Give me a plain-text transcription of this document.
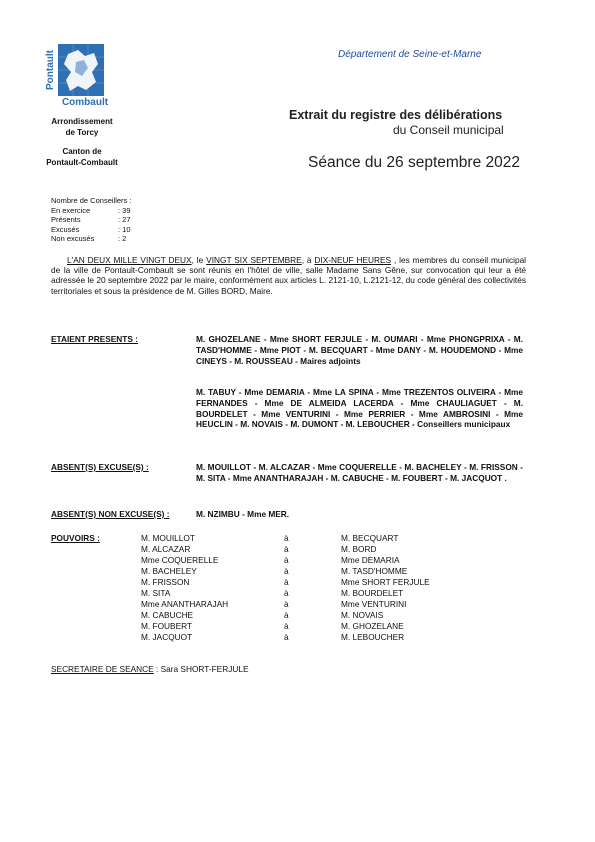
Pontault
Combault
Arrondissement
de Torcy
Canton de
Pontault-Combault
Département de Seine-et-Marne
Extrait du registre des délibérations
du Conseil municipal
Séance du 26 septembre 2022
Nombre de Conseillers :
En exercice	: 39
Présents	: 27
Excusés	: 10
Non excusés	: 2
L'AN DEUX MILLE VINGT DEUX, le VINGT SIX SEPTEMBRE, à DIX-NEUF HEURES , les membres du conseil municipal de la ville de Pontault-Combault se sont réunis en l'hôtel de ville, salle Madame Sans Gêne, sur convocation qui leur a été adressée le 20 septembre 2022 par le maire, conformément aux articles L. 2121-10, L.2121-12, du code général des collectivités territoriales et sous la présidence de M. Gilles BORD, Maire.
ETAIENT PRESENTS :	M. GHOZELANE - Mme SHORT FERJULE - M. OUMARI - Mme PHONGPRIXA - M. TASD'HOMME - Mme PIOT - M. BECQUART - Mme DANY - M. HOUDEMOND - Mme CINEYS - M. ROUSSEAU - Maires adjoints
M. TABUY - Mme DEMARIA - Mme LA SPINA - Mme TREZENTOS OLIVEIRA - Mme FERNANDES - Mme DE ALMEIDA LACERDA - Mme CHAULIAGUET - M. BOURDELET - Mme VENTURINI - Mme PERRIER - Mme AMBROSINI - Mme HEUCLIN - M. NOVAIS - M. DUMONT - M. LEBOUCHER - Conseillers municipaux
ABSENT(S) EXCUSE(S) :	M. MOUILLOT - M. ALCAZAR - Mme COQUERELLE - M. BACHELEY - M. FRISSON - M. SITA - Mme ANANTHARAJAH - M. CABUCHE - M. FOUBERT - M. JACQUOT .
ABSENT(S) NON EXCUSE(S) :	M. NZIMBU - Mme MER.
POUVOIRS :	M. MOUILLOT	à	M. BECQUART
M. ALCAZAR	à	M. BORD
Mme COQUERELLE	à	Mme DEMARIA
M. BACHELEY	à	M. TASD'HOMME
M. FRISSON	à	Mme SHORT FERJULE
M. SITA	à	M. BOURDELET
Mme ANANTHARAJAH	à	Mme VENTURINI
M. CABUCHE	à	M. NOVAIS
M. FOUBERT	à	M. GHOZELANE
M. JACQUOT	à	M. LEBOUCHER
SECRETAIRE DE SEANCE : Sara SHORT-FERJULE
